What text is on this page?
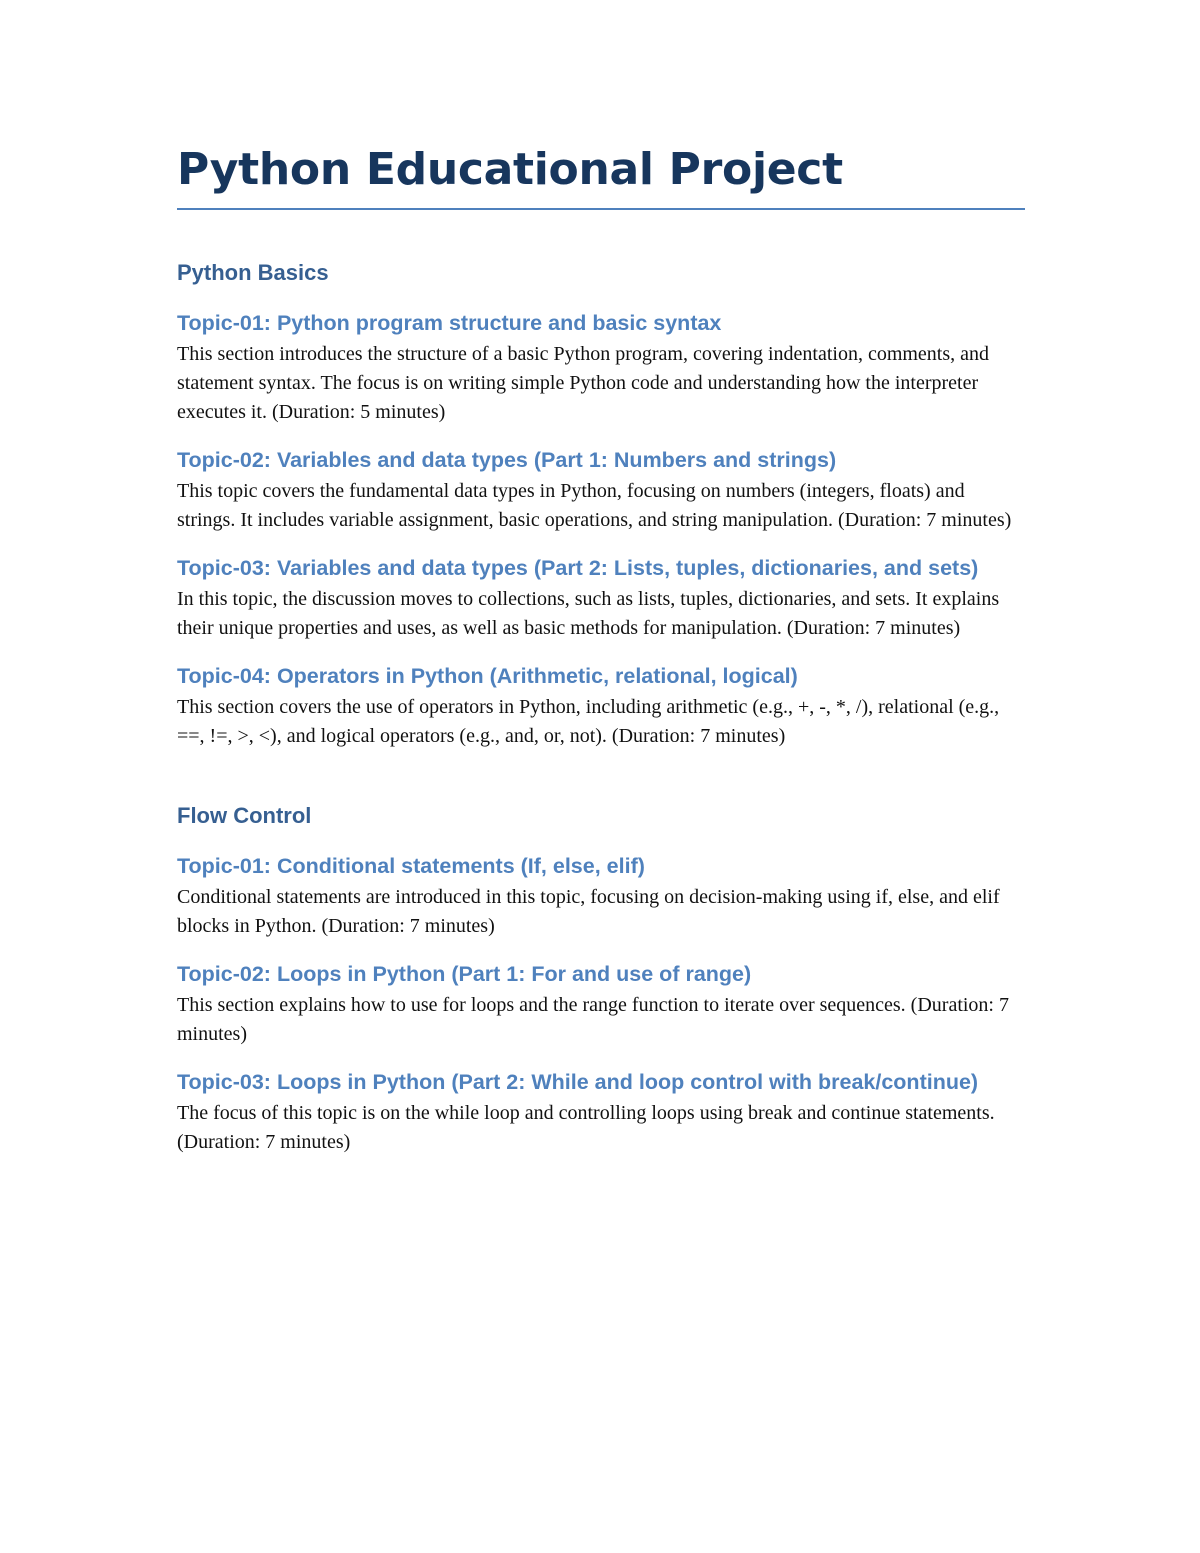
Python Educational Project
Python Basics
Topic-01: Python program structure and basic syntax

This section introduces the structure of a basic Python program, covering indentation, comments, and statement syntax. The focus is on writing simple Python code and understanding how the interpreter executes it. (Duration: 5 minutes)

Topic-02: Variables and data types (Part 1: Numbers and strings)

This topic covers the fundamental data types in Python, focusing on numbers (integers, floats) and strings. It includes variable assignment, basic operations, and string manipulation. (Duration: 7 minutes)

Topic-03: Variables and data types (Part 2: Lists, tuples, dictionaries, and sets)

In this topic, the discussion moves to collections, such as lists, tuples, dictionaries, and sets. It explains their unique properties and uses, as well as basic methods for manipulation. (Duration: 7 minutes)

Topic-04: Operators in Python (Arithmetic, relational, logical)

This section covers the use of operators in Python, including arithmetic (e.g., +, -, *, /), relational (e.g., ==, !=, >, <), and logical operators (e.g., and, or, not). (Duration: 7 minutes)

Flow Control
Topic-01: Conditional statements (If, else, elif)

Conditional statements are introduced in this topic, focusing on decision-making using if, else, and elif blocks in Python. (Duration: 7 minutes)

Topic-02: Loops in Python (Part 1: For and use of range)

This section explains how to use for loops and the range function to iterate over sequences. (Duration: 7 minutes)

Topic-03: Loops in Python (Part 2: While and loop control with break/continue)

The focus of this topic is on the while loop and controlling loops using break and continue statements. (Duration: 7 minutes)
